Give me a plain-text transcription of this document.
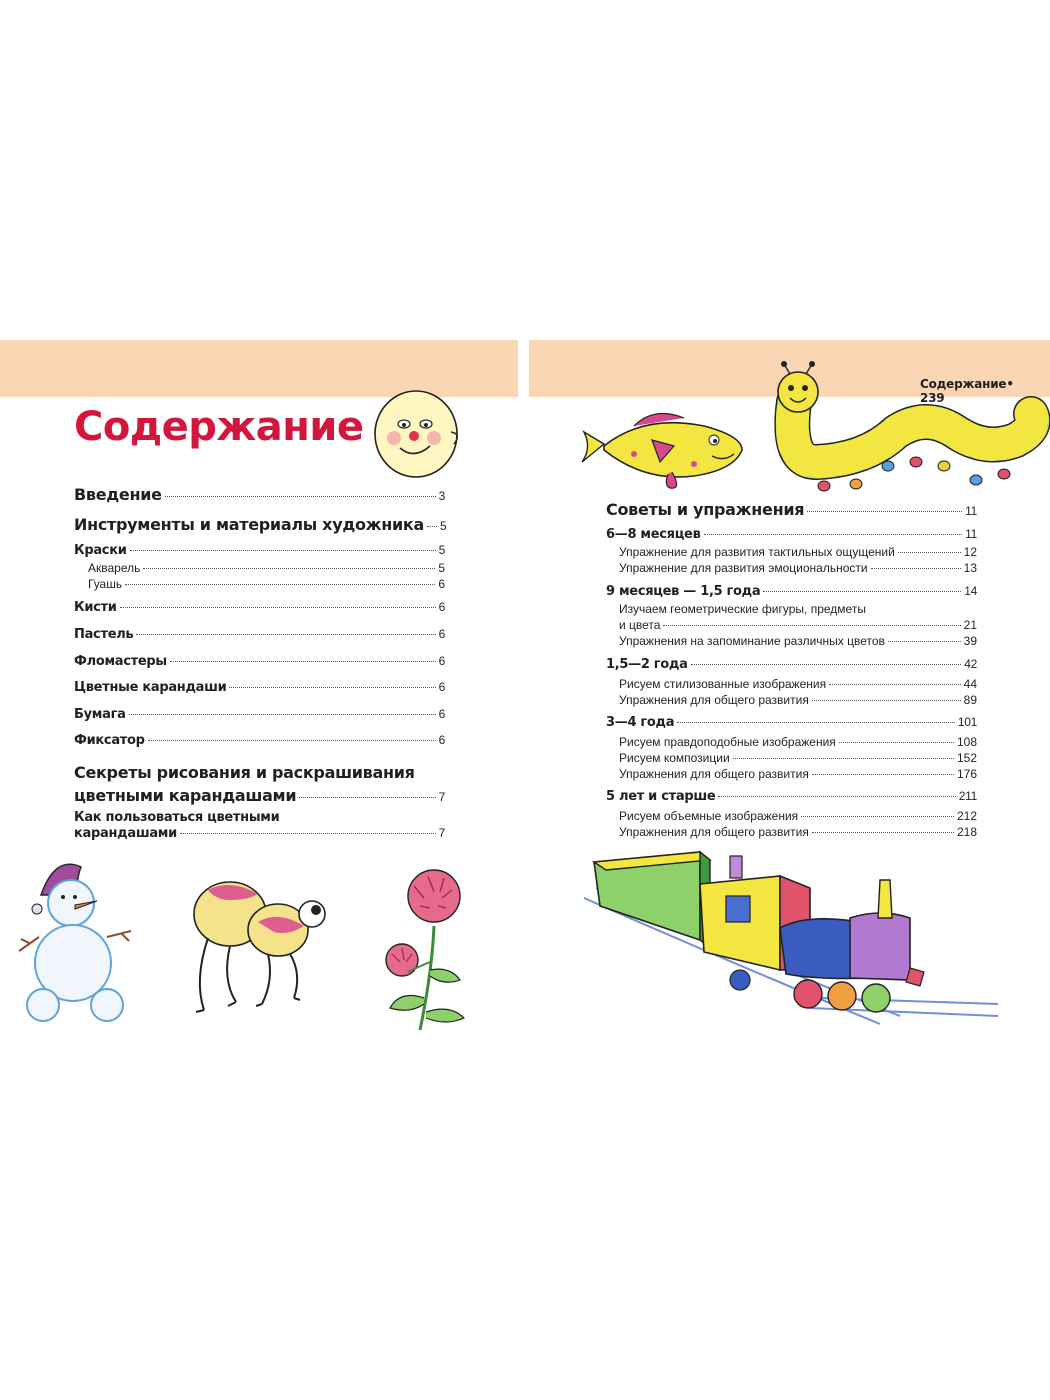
Содержание• 239
Содержание
Введение	3
Инструменты и материалы художника 5
Краски	5
Акварель	5
Гуашь	6
Кисти	6
Пастель	6
Фломастеры	6
Цветные карандаши	6
Бумага	6
Фиксатор	6
Секреты рисования и раскрашивания
цветными карандашами	7
Как пользоваться цветными
карандашами	7
Советы и упражнения	11
6—8 месяцев	11
Упражнение для развития тактильных ощущений	12
Упражнение для развития эмоциональности	13
9 месяцев — 1,5 года	14
Изучаем геометрические фигуры, предметы
и цвета	21
Упражнения на запоминание различных цветов	39
1,5—2 года	42
Рисуем стилизованные изображения	44
Упражнения для общего развития	89
3—4 года	101
Рисуем правдоподобные изображения	108
Рисуем композиции	152
Упражнения для общего развития	176
5 лет и старше	211
Рисуем объемные изображения	212
Упражнения для общего развития	218
